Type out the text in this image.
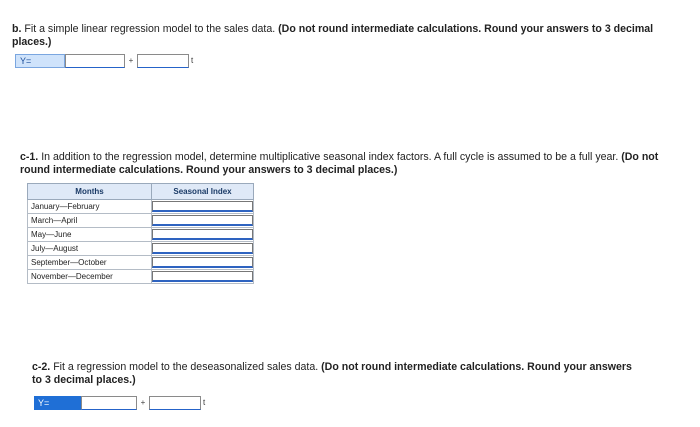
b. Fit a simple linear regression model to the sales data. (Do not round intermediate calculations. Round your answers to 3 decimal places.)

Y=	+	t

c-1. In addition to the regression model, determine multiplicative seasonal index factors. A full cycle is assumed to be a full year. (Do not round intermediate calculations. Round your answers to 3 decimal places.)

Months	Seasonal Index
January—February	

March—April	

May—June	

July—August	

September—October	

November—December	

c-2. Fit a regression model to the deseasonalized sales data. (Do not round intermediate calculations. Round your answers to 3 decimal places.)

Y=	+	t
